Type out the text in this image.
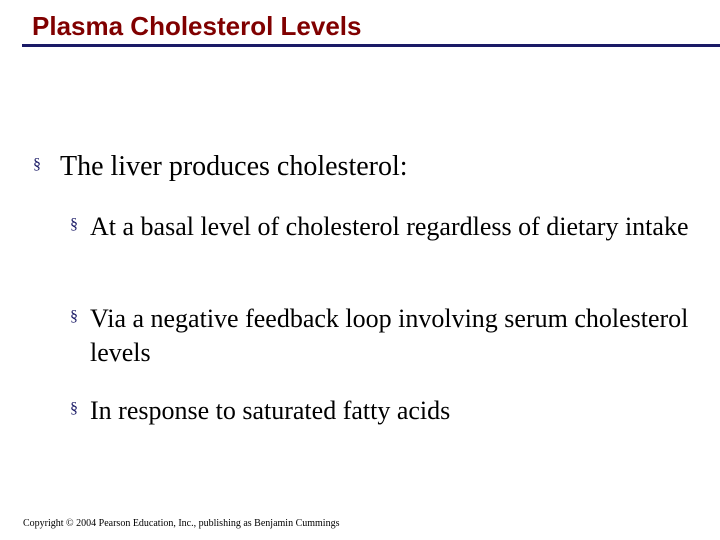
Plasma Cholesterol Levels
§ The liver produces cholesterol:
§ At a basal level of cholesterol regardless of dietary intake
§ Via a negative feedback loop involving serum cholesterol levels
§ In response to saturated fatty acids
Copyright © 2004 Pearson Education, Inc., publishing as Benjamin Cummings
